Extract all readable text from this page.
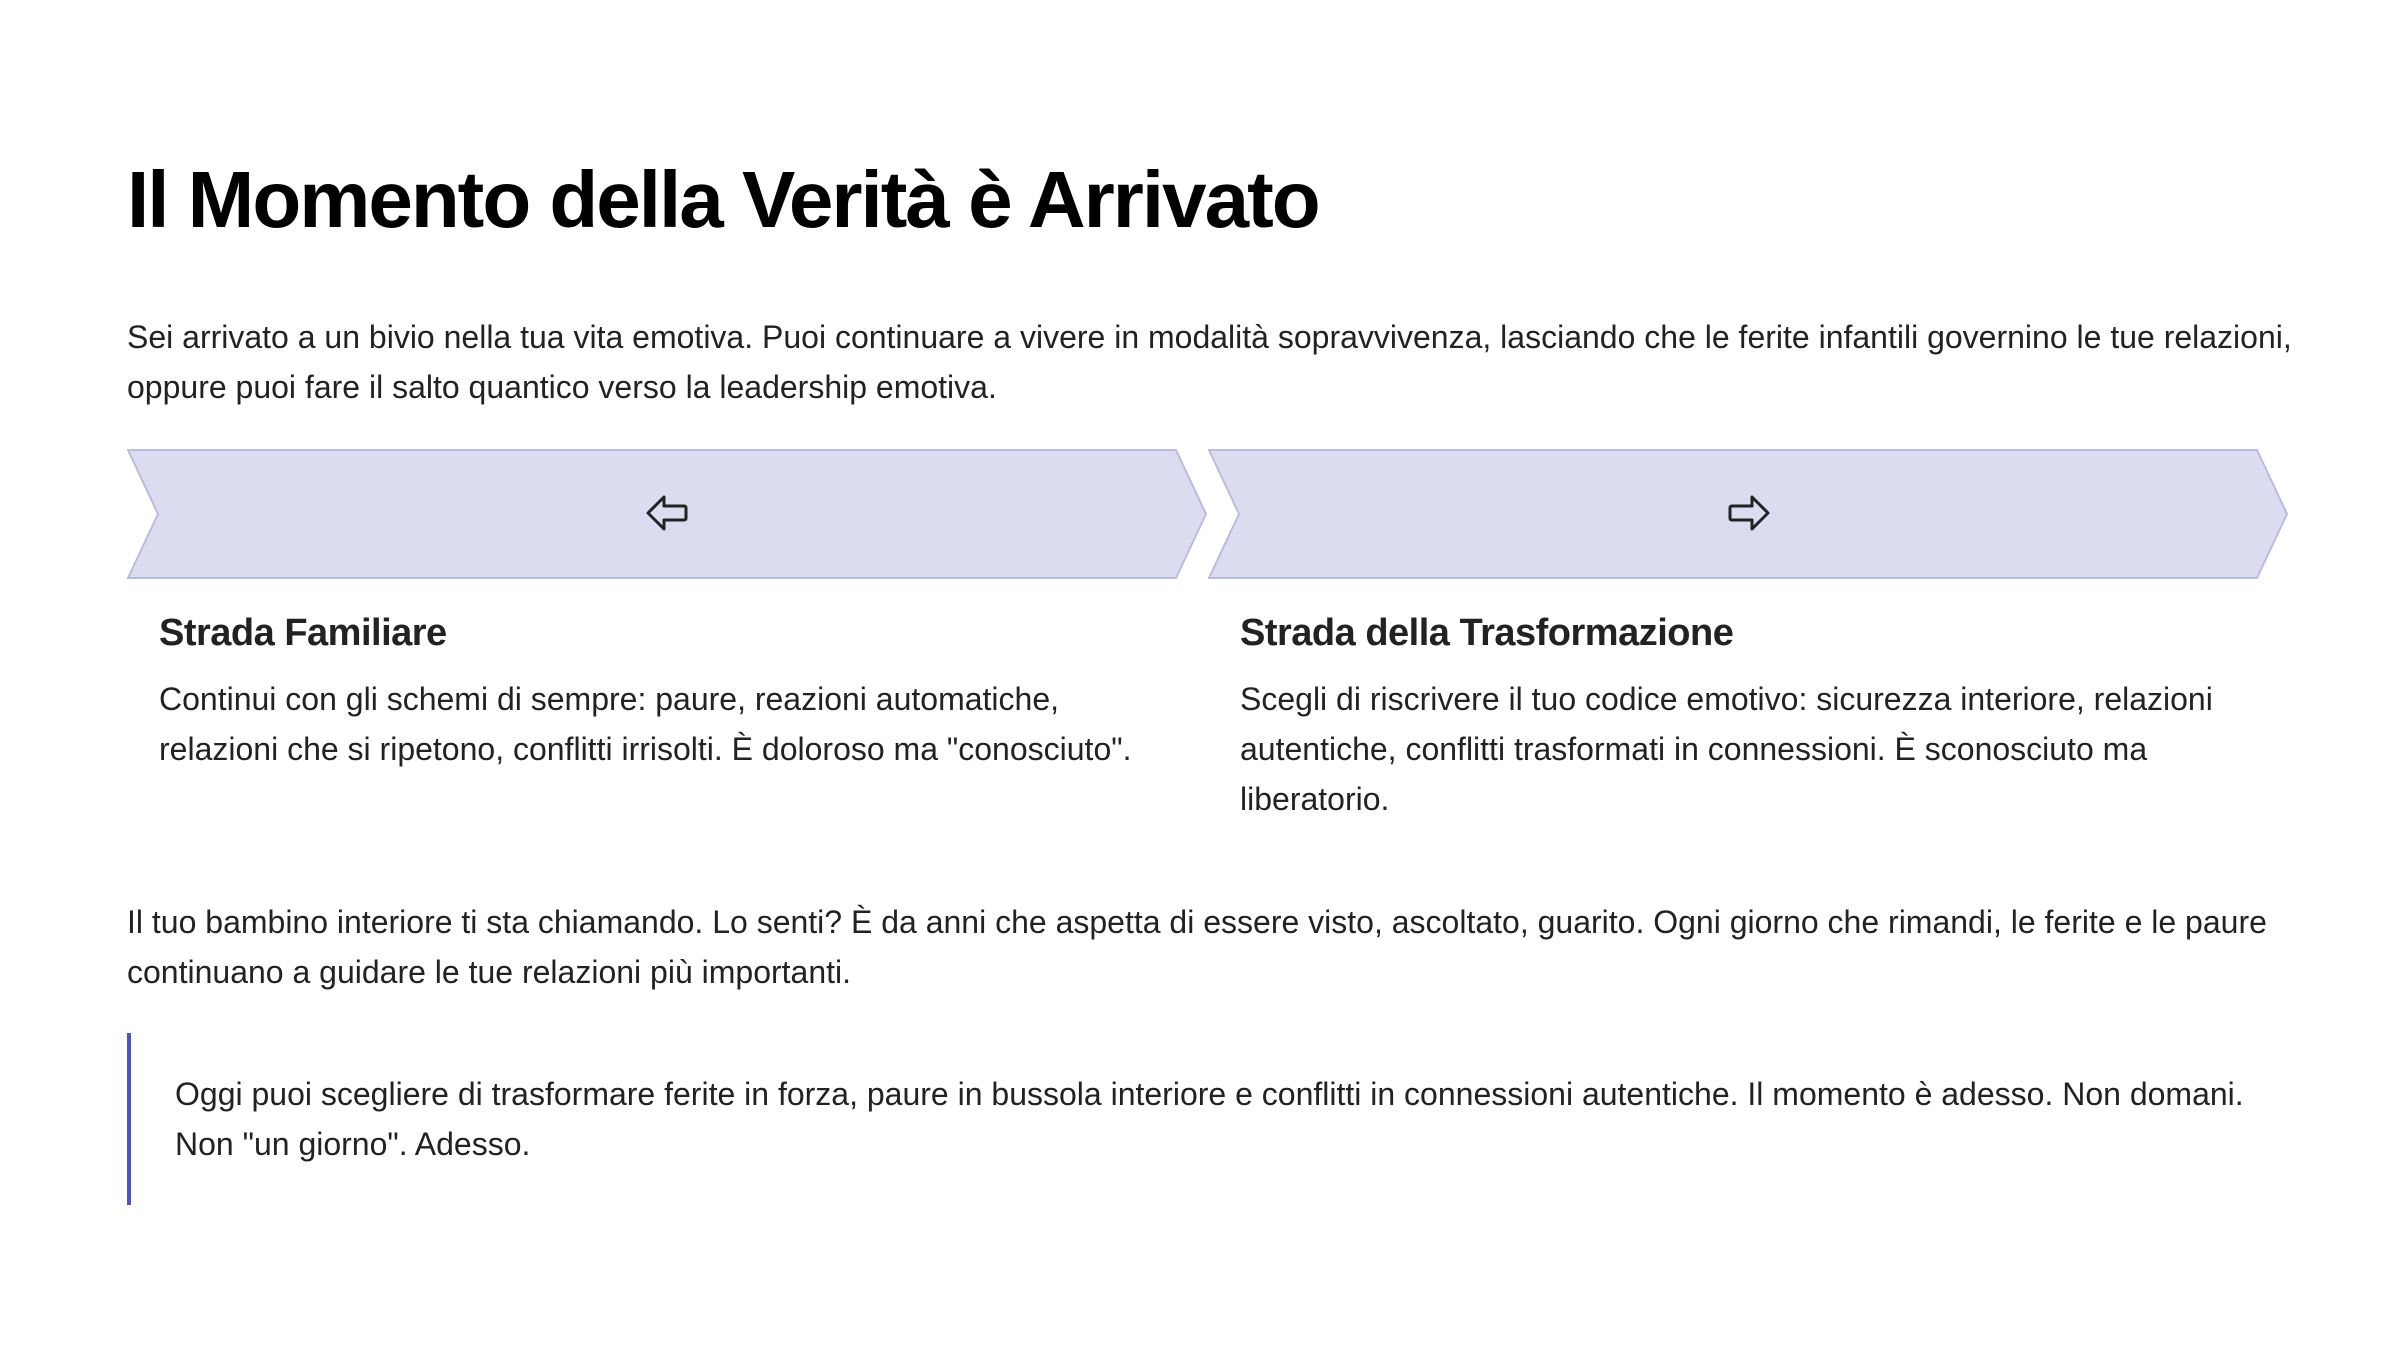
Il Momento della Verità è Arrivato

Sei arrivato a un bivio nella tua vita emotiva. Puoi continuare a vivere in modalità sopravvivenza, lasciando che le ferite infantili governino le tue relazioni, oppure puoi fare il salto quantico verso la leadership emotiva.

Strada Familiare

Continui con gli schemi di sempre: paure, reazioni automatiche, relazioni che si ripetono, conflitti irrisolti. È doloroso ma "conosciuto".

Strada della Trasformazione

Scegli di riscrivere il tuo codice emotivo: sicurezza interiore, relazioni autentiche, conflitti trasformati in connessioni. È sconosciuto ma liberatorio.

Il tuo bambino interiore ti sta chiamando. Lo senti? È da anni che aspetta di essere visto, ascoltato, guarito. Ogni giorno che rimandi, le ferite e le paure continuano a guidare le tue relazioni più importanti.

Oggi puoi scegliere di trasformare ferite in forza, paure in bussola interiore e conflitti in connessioni autentiche. Il momento è adesso. Non domani. Non "un giorno". Adesso.
